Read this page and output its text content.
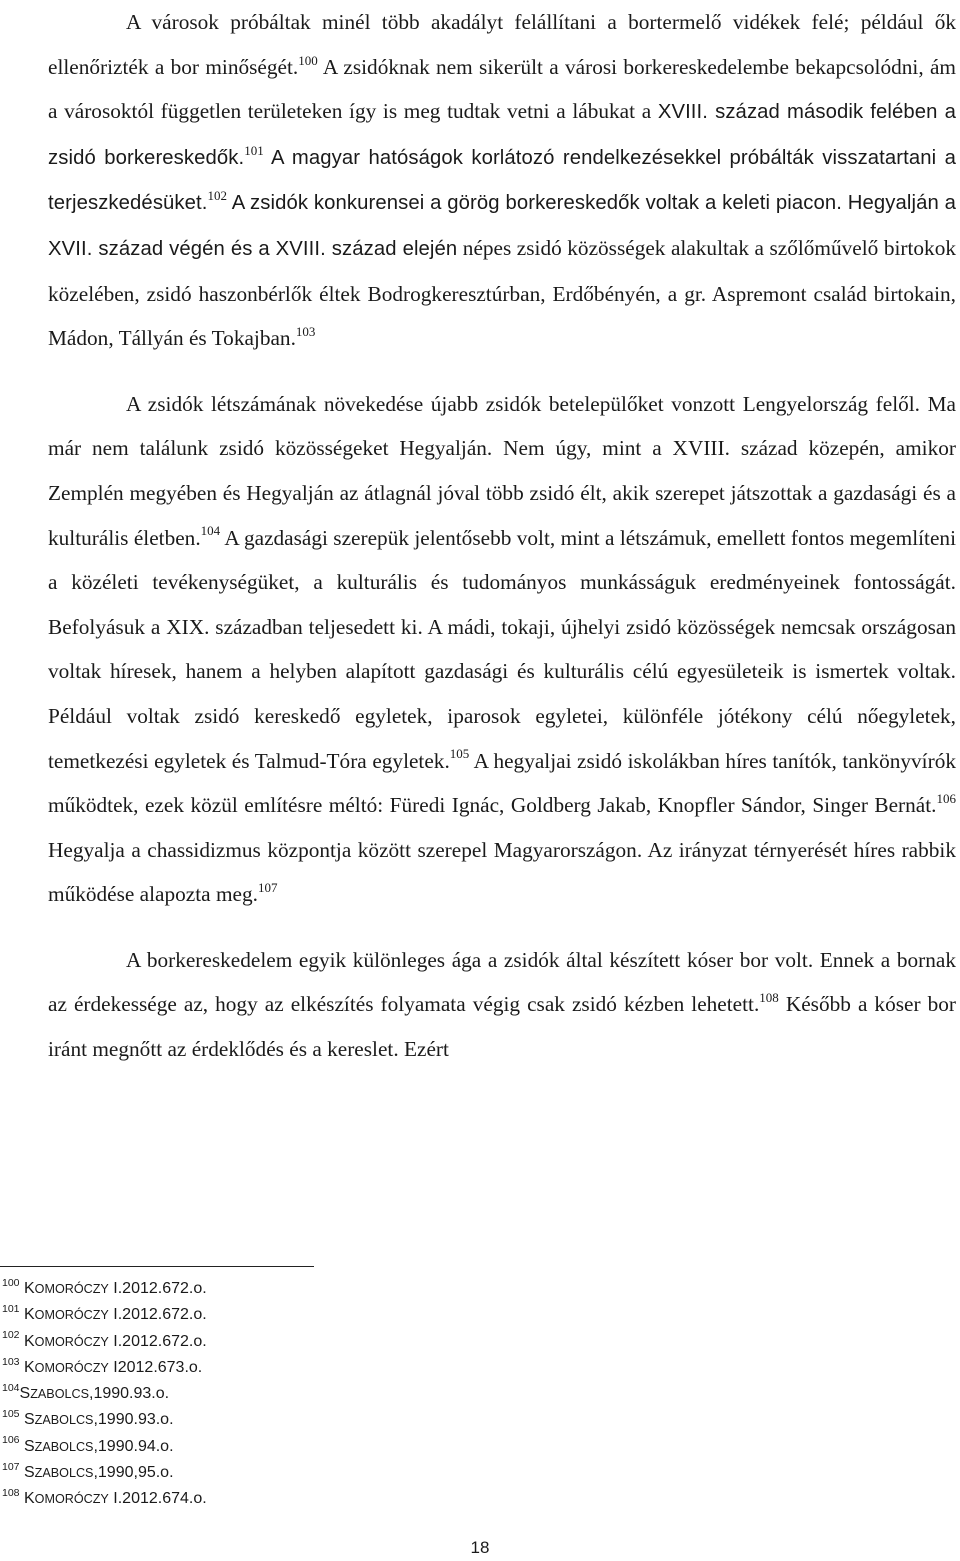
A városok próbáltak minél több akadályt felállítani a bortermelő vidékek felé; például ők ellenőrizték a bor minőségét.$^{100}$ A zsidóknak nem sikerült a városi borkereskedelembe bekapcsolódni, ám a városoktól független területeken így is meg tudtak vetni a lábukat a XVIII. század második felében a zsidó borkereskedők.$^{101}$ A magyar hatóságok korlátozó rendelkezésekkel próbálták visszatartani a terjeszkedésüket.$^{102}$ A zsidók konkurensei a görög borkereskedők voltak a keleti piacon. Hegyalján a XVII. század végén és a XVIII. század elején népes zsidó közösségek alakultak a szőlőművelő birtokok közelében, zsidó haszonbérlők éltek Bodrogkeresztúrban, Erdőbényén, a gr. Aspremont család birtokain, Mádon, Tállyán és Tokajban.$^{103}$

A zsidók létszámának növekedése újabb zsidók betelepülőket vonzott Lengyelország felől. Ma már nem találunk zsidó közösségeket Hegyalján. Nem úgy, mint a XVIII. század közepén, amikor Zemplén megyében és Hegyalján az átlagnál jóval több zsidó élt, akik szerepet játszottak a gazdasági és a kulturális életben.$^{104}$ A gazdasági szerepük jelentősebb volt, mint a létszámuk, emellett fontos megemlíteni a közéleti tevékenységüket, a kulturális és tudományos munkásságuk eredményeinek fontosságát. Befolyásuk a XIX. században teljesedett ki. A mádi, tokaji, újhelyi zsidó közösségek nemcsak országosan voltak híresek, hanem a helyben alapított gazdasági és kulturális célú egyesületeik is ismertek voltak. Például voltak zsidó kereskedő egyletek, iparosok egyletei, különféle jótékony célú nőegyletek, temetkezési egyletek és Talmud-Tóra egyletek.$^{105}$ A hegyaljai zsidó iskolákban híres tanítók, tankönyvírók működtek, ezek közül említésre méltó: Füredi Ignác, Goldberg Jakab, Knopfler Sándor, Singer Bernát.$^{106}$ Hegyalja a chassidizmus központja között szerepel Magyarországon. Az irányzat térnyerését híres rabbik működése alapozta meg.$^{107}$

A borkereskedelem egyik különleges ága a zsidók által készített kóser bor volt. Ennek a bornak az érdekessége az, hogy az elkészítés folyamata végig csak zsidó kézben lehetett.$^{108}$ Később a kóser bor iránt megnőtt az érdeklődés és a kereslet. Ezért

$^{100}$ KOMORÓCZY I.2012.672.o.
$^{101}$ KOMORÓCZY I.2012.672.o.
$^{102}$ KOMORÓCZY I.2012.672.o.
$^{103}$ KOMORÓCZY I2012.673.o.
$^{104}$SZABOLCS,1990.93.o.
$^{105}$ SZABOLCS,1990.93.o.
$^{106}$ SZABOLCS,1990.94.o.
$^{107}$ SZABOLCS,1990,95.o.
$^{108}$ KOMORÓCZY I.2012.674.o.
18
